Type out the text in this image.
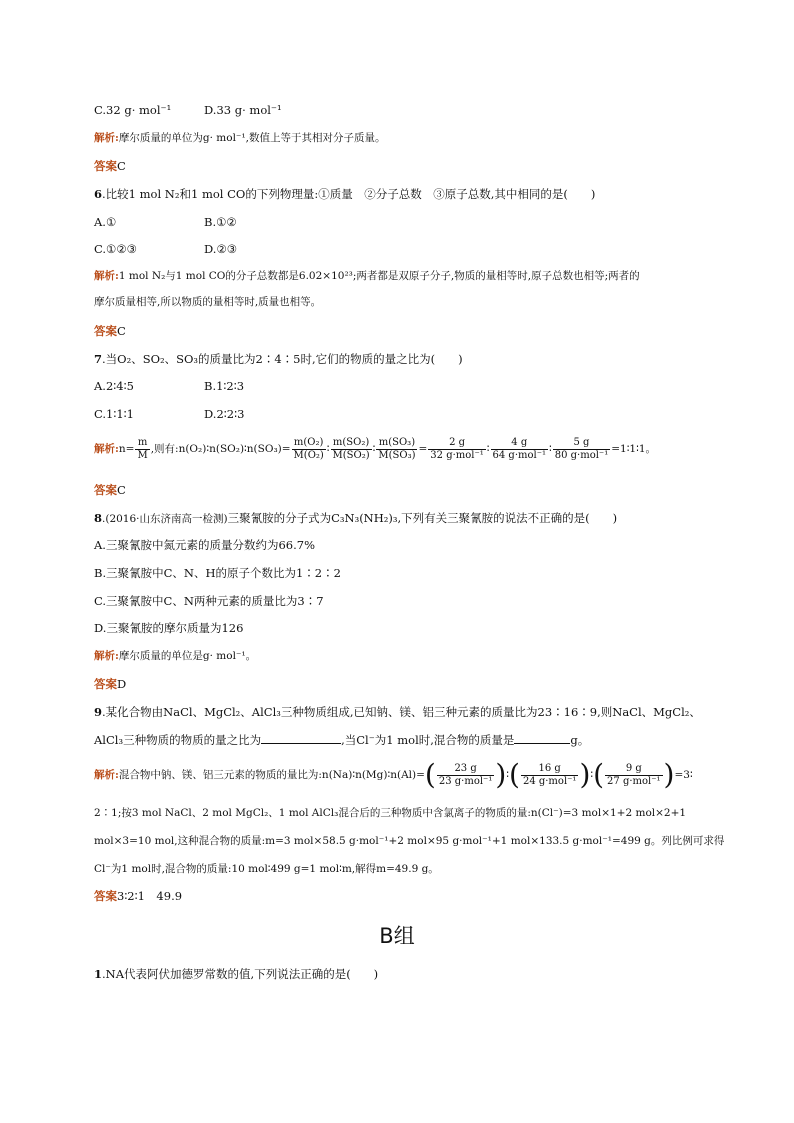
C.32 g· mol⁻¹	D.33 g· mol⁻¹
解析:摩尔质量的单位为g· mol⁻¹,数值上等于其相对分子质量。
答案C
6.比较1 mol N₂和1 mol CO的下列物理量:①质量　②分子总数　③原子总数,其中相同的是(　　)
A.①	B.①②
C.①②③	D.②③
解析:1 mol N₂与1 mol CO的分子总数都是6.02×10²³;两者都是双原子分子,物质的量相等时,原子总数也相等;两者的
摩尔质量相等,所以物质的量相等时,质量也相等。
答案C
7.当O₂、SO₂、SO₃的质量比为2∶4∶5时,它们的物质的量之比为(　　)
A.2∶4∶5	B.1∶2∶3
C.1∶1∶1	D.2∶2∶3
解析:n= $\frac{m}{M}$ ,则有:n(O₂)∶n(SO₂)∶n(SO₃)= $\frac{\text{m(O₂)}}{\text{M(O₂)}}$ ∶ $\frac{\text{m(SO₂)}}{\text{M(SO₂)}}$ ∶ $\frac{\text{m(SO₃)}}{\text{M(SO₃)}} = \frac{2 g}{\text{32 g·mol⁻¹}}$ ∶ $\frac{4 g}{\text{64 g·mol⁻¹}}$ ∶ $\frac{5 g}{\text{80 g·mol⁻¹}}$ =1∶1∶1。
答案C
8.(2016·山东济南高一检测)三聚氰胺的分子式为C₃N₃(NH₂)₃,下列有关三聚氰胺的说法不正确的是(　　)
A.三聚氰胺中氮元素的质量分数约为66.7%
B.三聚氰胺中C、N、H的原子个数比为1∶2∶2
C.三聚氰胺中C、N两种元素的质量比为3∶7
D.三聚氰胺的摩尔质量为126
解析:摩尔质量的单位是g· mol⁻¹。
答案D
9.某化合物由NaCl、MgCl₂、AlCl₃三种物质组成,已知钠、镁、铝三种元素的质量比为23∶16∶9,则NaCl、MgCl₂、
AlCl₃三种物质的物质的量之比为	,当Cl⁻为1 mol时,混合物的质量是	g。
解析:混合物中钠、镁、铝三元素的物质的量比为:n(Na)∶n(Mg)∶n(Al)=( $\frac{23 g}{\text{23 g·mol⁻¹}}$ )∶( $\frac{16 g}{\text{24 g·mol⁻¹}}$ )∶( $\frac{9 g}{\text{27 g·mol⁻¹}}$ )=3∶
2∶1;按3 mol NaCl、2 mol MgCl₂、1 mol AlCl₃混合后的三种物质中含氯离子的物质的量:n(Cl⁻)=3 mol×1+2 mol×2+1
mol×3=10 mol,这种混合物的质量:m=3 mol×58.5 g·mol⁻¹+2 mol×95 g·mol⁻¹+1 mol×133.5 g·mol⁻¹=499 g。列比例可求得
Cl⁻为1 mol时,混合物的质量:10 mol∶499 g=1 mol∶m,解得m=49.9 g。
答案3∶2∶1　49.9
B组
1.NA代表阿伏加德罗常数的值,下列说法正确的是(　　)
